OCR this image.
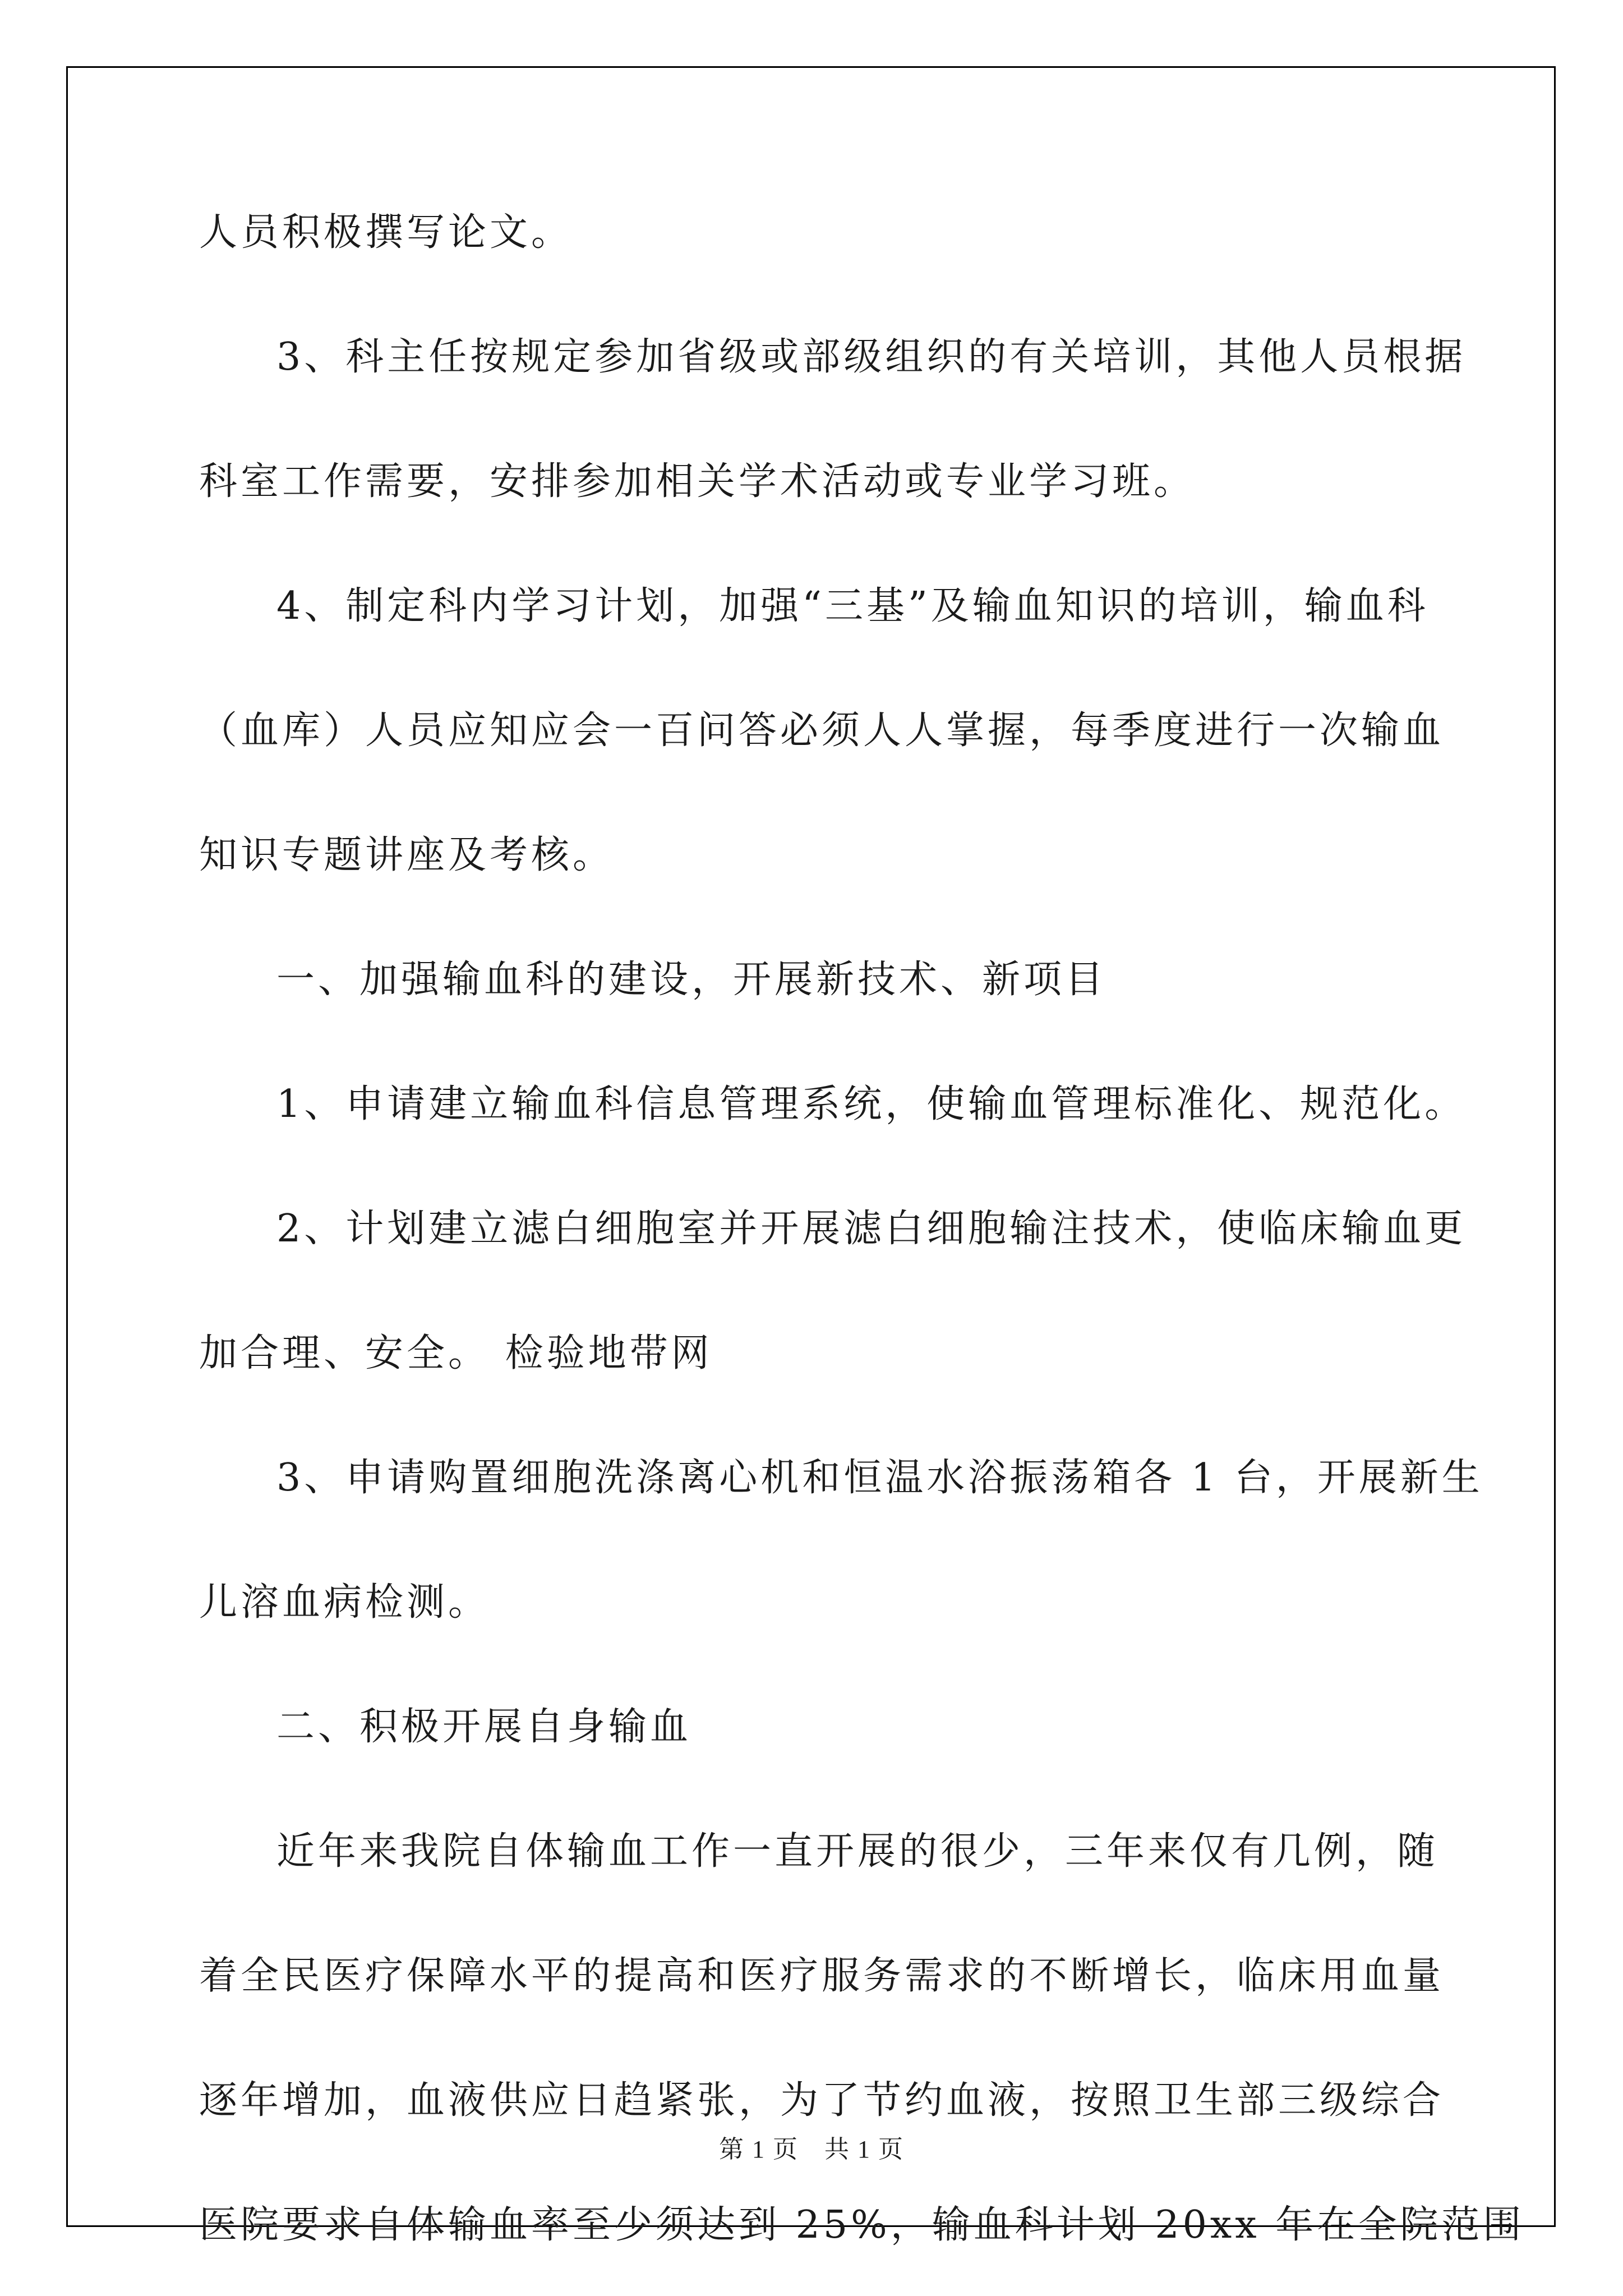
人员积极撰写论文。

3、科主任按规定参加省级或部级组织的有关培训，其他人员根据

科室工作需要，安排参加相关学术活动或专业学习班。

4、制定科内学习计划，加强“三基”及输血知识的培训，输血科

（血库）人员应知应会一百问答必须人人掌握，每季度进行一次输血

知识专题讲座及考核。

一、加强输血科的建设，开展新技术、新项目

1、申请建立输血科信息管理系统，使输血管理标准化、规范化。

2、计划建立滤白细胞室并开展滤白细胞输注技术，使临床输血更

加合理、安全。 检验地带网

3、申请购置细胞洗涤离心机和恒温水浴振荡箱各 1 台，开展新生

儿溶血病检测。

二、积极开展自身输血

近年来我院自体输血工作一直开展的很少，三年来仅有几例，随

着全民医疗保障水平的提高和医疗服务需求的不断增长，临床用血量

逐年增加，血液供应日趋紧张，为了节约血液，按照卫生部三级综合

医院要求自体输血率至少须达到 25%，输血科计划 20xx 年在全院范围

第 1 页　共 1 页
